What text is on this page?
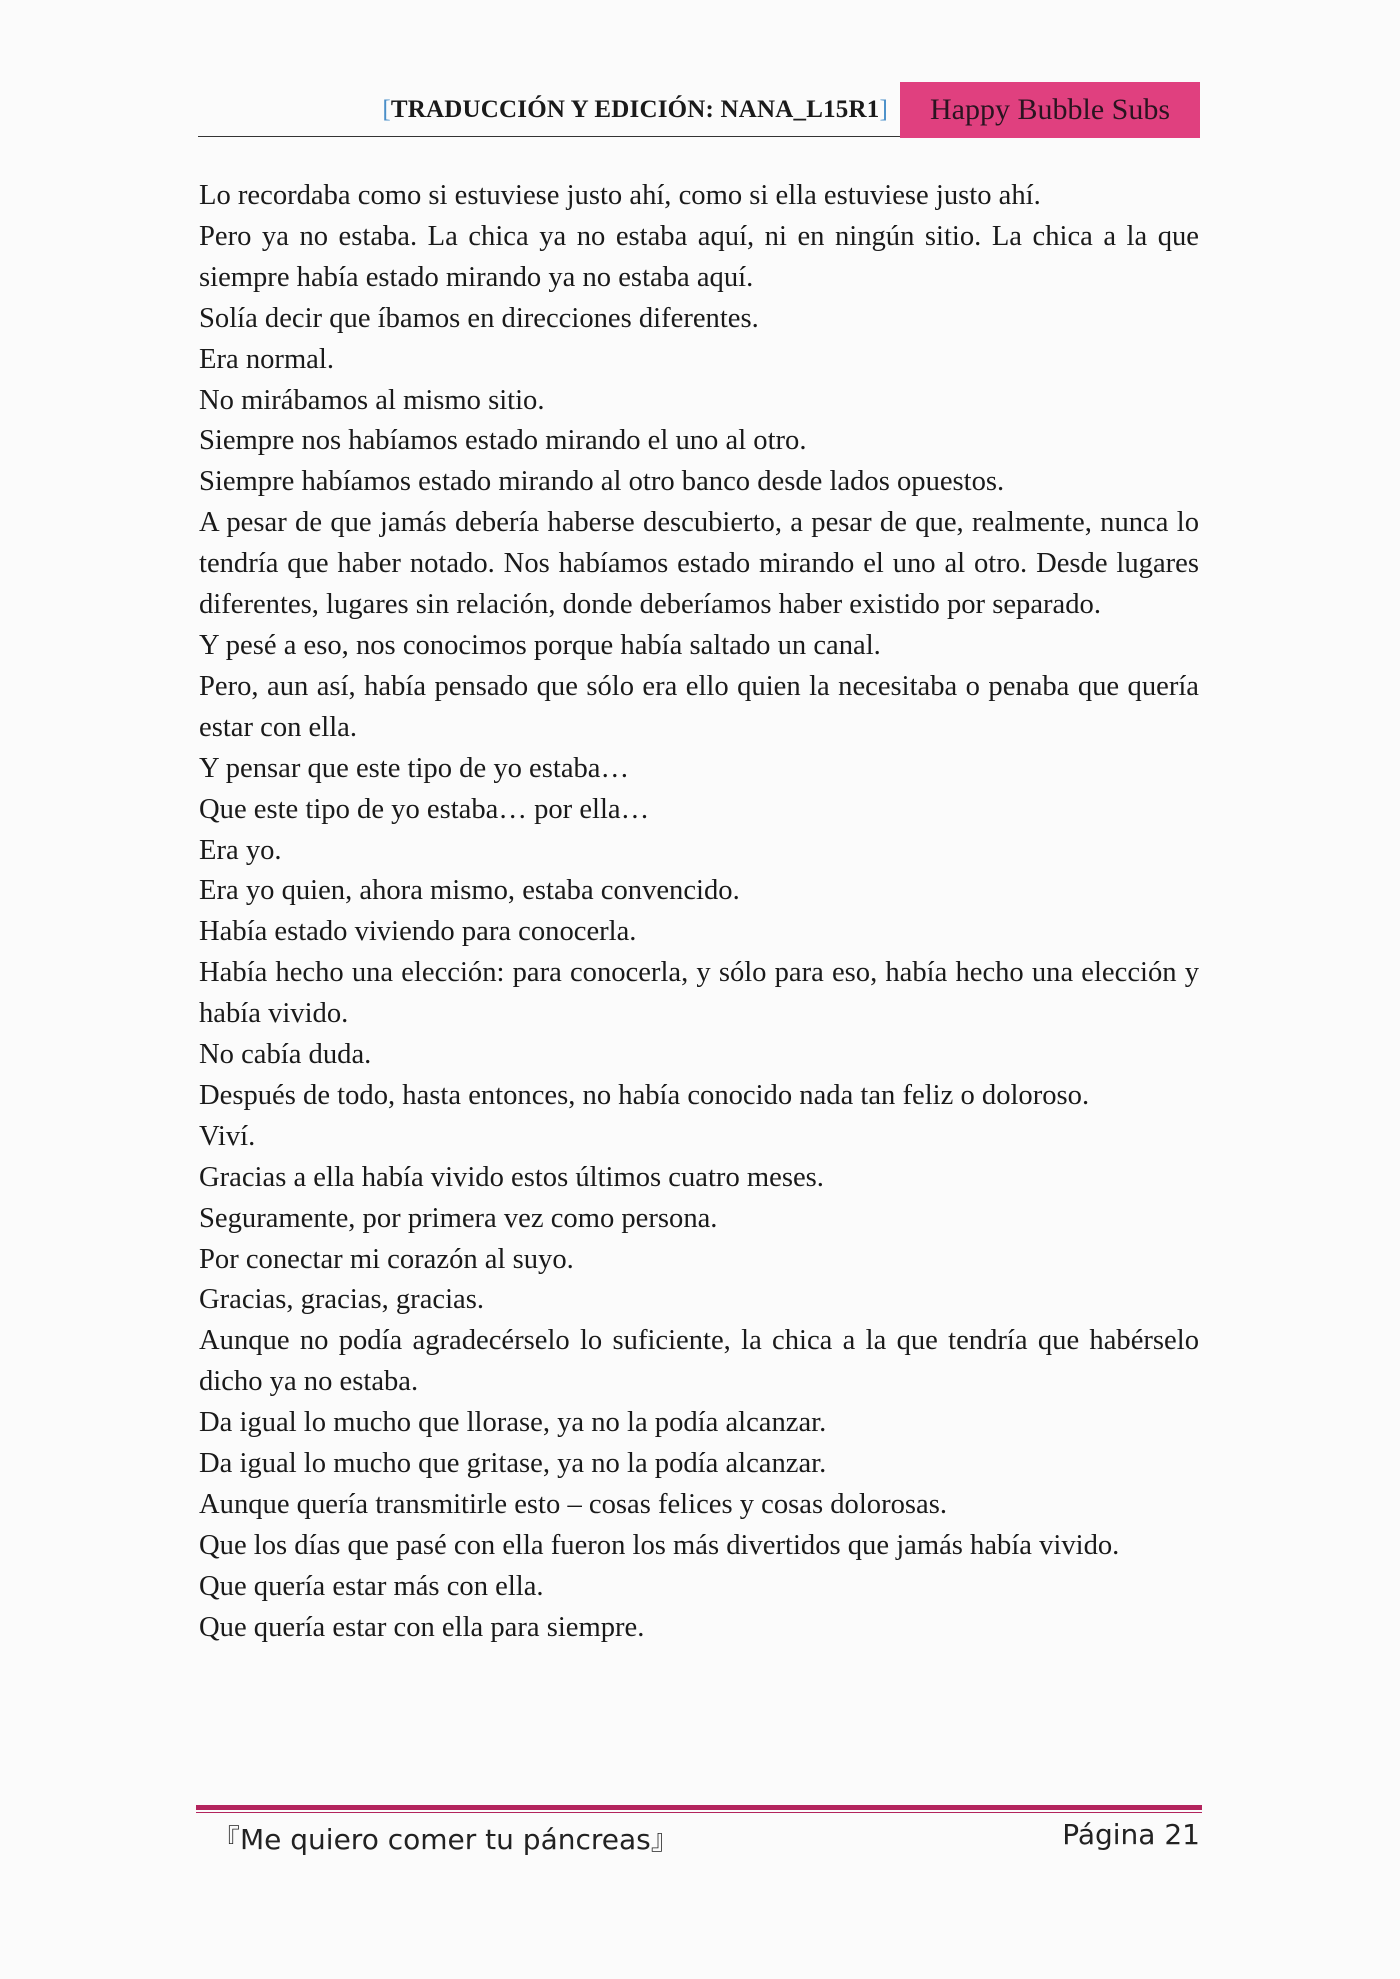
[TRADUCCIÓN Y EDICIÓN: NANA_L15R1]	Happy Bubble Subs

Lo recordaba como si estuviese justo ahí, como si ella estuviese justo ahí.

Pero ya no estaba. La chica ya no estaba aquí, ni en ningún sitio. La chica a la que siempre había estado mirando ya no estaba aquí.

Solía decir que íbamos en direcciones diferentes.

Era normal.

No mirábamos al mismo sitio.

Siempre nos habíamos estado mirando el uno al otro.

Siempre habíamos estado mirando al otro banco desde lados opuestos.

A pesar de que jamás debería haberse descubierto, a pesar de que, realmente, nunca lo tendría que haber notado. Nos habíamos estado mirando el uno al otro. Desde lugares diferentes, lugares sin relación, donde deberíamos haber existido por separado.

Y pesé a eso, nos conocimos porque había saltado un canal.

Pero, aun así, había pensado que sólo era ello quien la necesitaba o penaba que quería estar con ella.

Y pensar que este tipo de yo estaba…

Que este tipo de yo estaba… por ella…

Era yo.

Era yo quien, ahora mismo, estaba convencido.

Había estado viviendo para conocerla.

Había hecho una elección: para conocerla, y sólo para eso, había hecho una elección y había vivido.

No cabía duda.

Después de todo, hasta entonces, no había conocido nada tan feliz o doloroso.

Viví.

Gracias a ella había vivido estos últimos cuatro meses.

Seguramente, por primera vez como persona.

Por conectar mi corazón al suyo.

Gracias, gracias, gracias.

Aunque no podía agradecérselo lo suficiente, la chica a la que tendría que habérselo dicho ya no estaba.

Da igual lo mucho que llorase, ya no la podía alcanzar.

Da igual lo mucho que gritase, ya no la podía alcanzar.

Aunque quería transmitirle esto – cosas felices y cosas dolorosas.

Que los días que pasé con ella fueron los más divertidos que jamás había vivido.

Que quería estar más con ella.

Que quería estar con ella para siempre.

『Me quiero comer tu páncreas』	Página 21
